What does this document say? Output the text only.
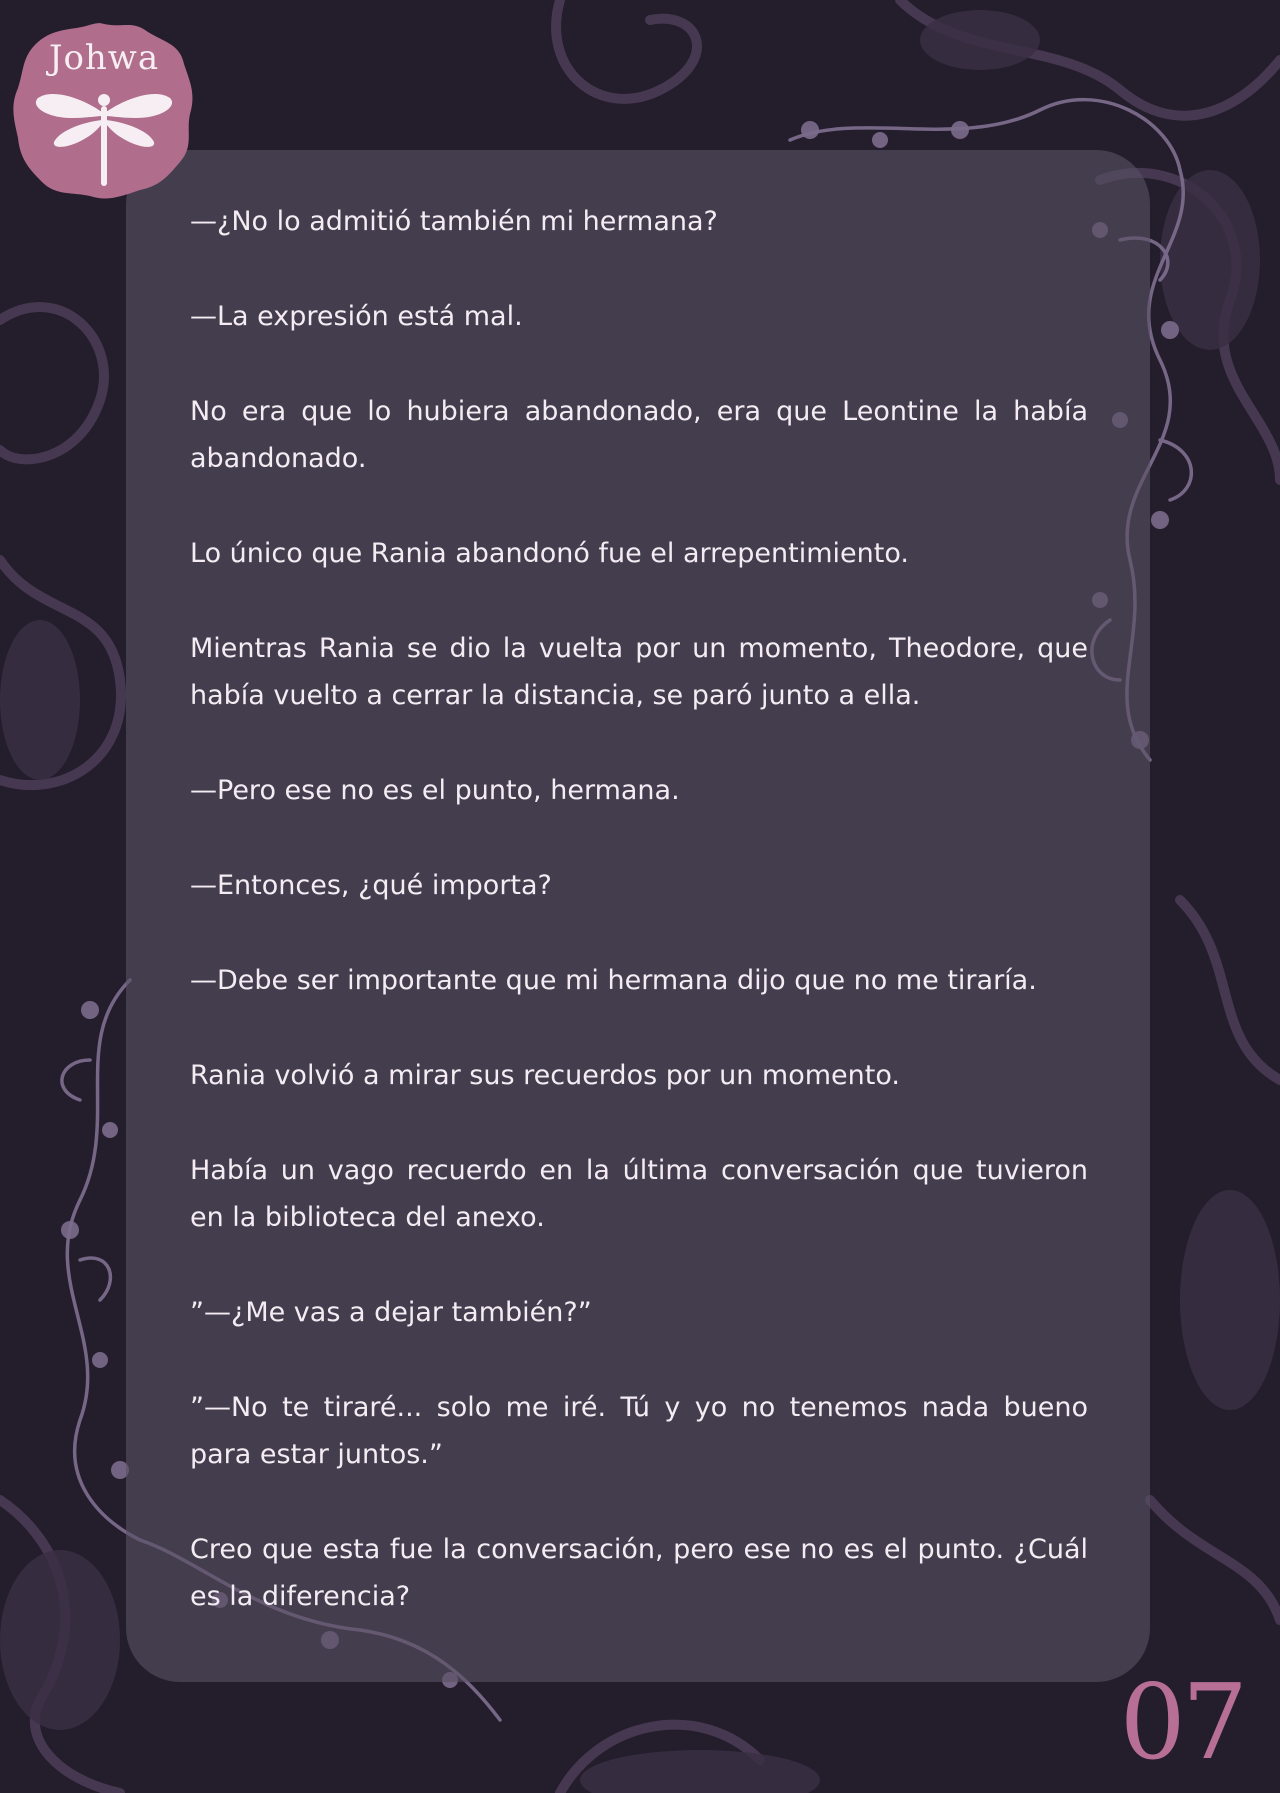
Johwa

—¿No lo admitió también mi hermana?

—La expresión está mal.

No era que lo hubiera abandonado, era que Leontine la había abandonado.

Lo único que Rania abandonó fue el arrepentimiento.

Mientras Rania se dio la vuelta por un momento, Theodore, que había vuelto a cerrar la distancia, se paró junto a ella.

—Pero ese no es el punto, hermana.

—Entonces, ¿qué importa?

—Debe ser importante que mi hermana dijo que no me tiraría.

Rania volvió a mirar sus recuerdos por un momento.

Había un vago recuerdo en la última conversación que tuvieron en la biblioteca del anexo.

”—¿Me vas a dejar también?”

”—No te tiraré... solo me iré. Tú y yo no tenemos nada bueno para estar juntos.”

Creo que esta fue la conversación, pero ese no es el punto. ¿Cuál es la diferencia?

07
